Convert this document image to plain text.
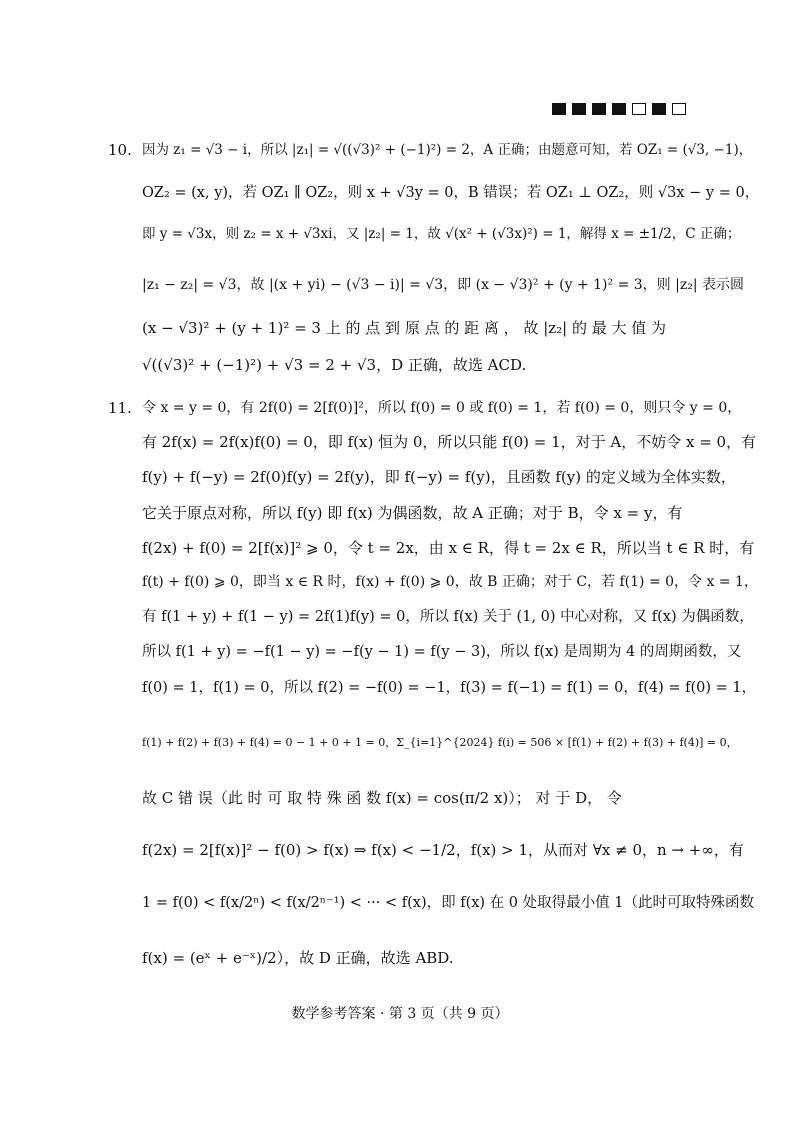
10. 因为 z₁ = √3 − i，所以 |z₁| = √((√3)² + (−1)²) = 2，A 正确；由题意可知，若 OZ₁ = (√3, −1)，
OZ₂ = (x, y)，若 OZ₁ ∥ OZ₂，则 x + √3y = 0，B 错误；若 OZ₁ ⊥ OZ₂，则 √3x − y = 0，
即 y = √3x，则 z₂ = x + √3xi，又 |z₂| = 1，故 √(x² + (√3x)²) = 1，解得 x = ±1/2，C 正确；
|z₁ − z₂| = √3，故 |(x + yi) − (√3 − i)| = √3，即 (x − √3)² + (y + 1)² = 3，则 |z₂| 表示圆
(x − √3)² + (y + 1)² = 3 上 的 点 到 原 点 的 距 离 ， 故 |z₂| 的 最 大 值 为
√((√3)² + (−1)²) + √3 = 2 + √3，D 正确，故选 ACD.
11. 令 x = y = 0，有 2f(0) = 2[f(0)]²，所以 f(0) = 0 或 f(0) = 1，若 f(0) = 0，则只令 y = 0，
有 2f(x) = 2f(x)f(0) = 0，即 f(x) 恒为 0，所以只能 f(0) = 1，对于 A，不妨令 x = 0，有
f(y) + f(−y) = 2f(0)f(y) = 2f(y)，即 f(−y) = f(y)，且函数 f(y) 的定义域为全体实数，
它关于原点对称，所以 f(y) 即 f(x) 为偶函数，故 A 正确；对于 B，令 x = y，有
f(2x) + f(0) = 2[f(x)]² ⩾ 0，令 t = 2x，由 x ∈ R，得 t = 2x ∈ R，所以当 t ∈ R 时，有
f(t) + f(0) ⩾ 0，即当 x ∈ R 时，f(x) + f(0) ⩾ 0，故 B 正确；对于 C，若 f(1) = 0，令 x = 1，
有 f(1 + y) + f(1 − y) = 2f(1)f(y) = 0，所以 f(x) 关于 (1, 0) 中心对称，又 f(x) 为偶函数，
所以 f(1 + y) = −f(1 − y) = −f(y − 1) = f(y − 3)，所以 f(x) 是周期为 4 的周期函数，又
f(0) = 1，f(1) = 0，所以 f(2) = −f(0) = −1，f(3) = f(−1) = f(1) = 0，f(4) = f(0) = 1，
f(1) + f(2) + f(3) + f(4) = 0 − 1 + 0 + 1 = 0，Σ_{i=1}^{2024} f(i) = 506 × [f(1) + f(2) + f(3) + f(4)] = 0，
故 C 错 误（此 时 可 取 特 殊 函 数 f(x) = cos(π/2 x)）； 对 于 D， 令
f(2x) = 2[f(x)]² − f(0) > f(x) ⇒ f(x) < −1/2，f(x) > 1，从而对 ∀x ≠ 0，n → +∞，有
1 = f(0) < f(x/2ⁿ) < f(x/2ⁿ⁻¹) < ··· < f(x)，即 f(x) 在 0 处取得最小值 1（此时可取特殊函数
f(x) = (eˣ + e⁻ˣ)/2），故 D 正确，故选 ABD.
数学参考答案 · 第 3 页（共 9 页）
